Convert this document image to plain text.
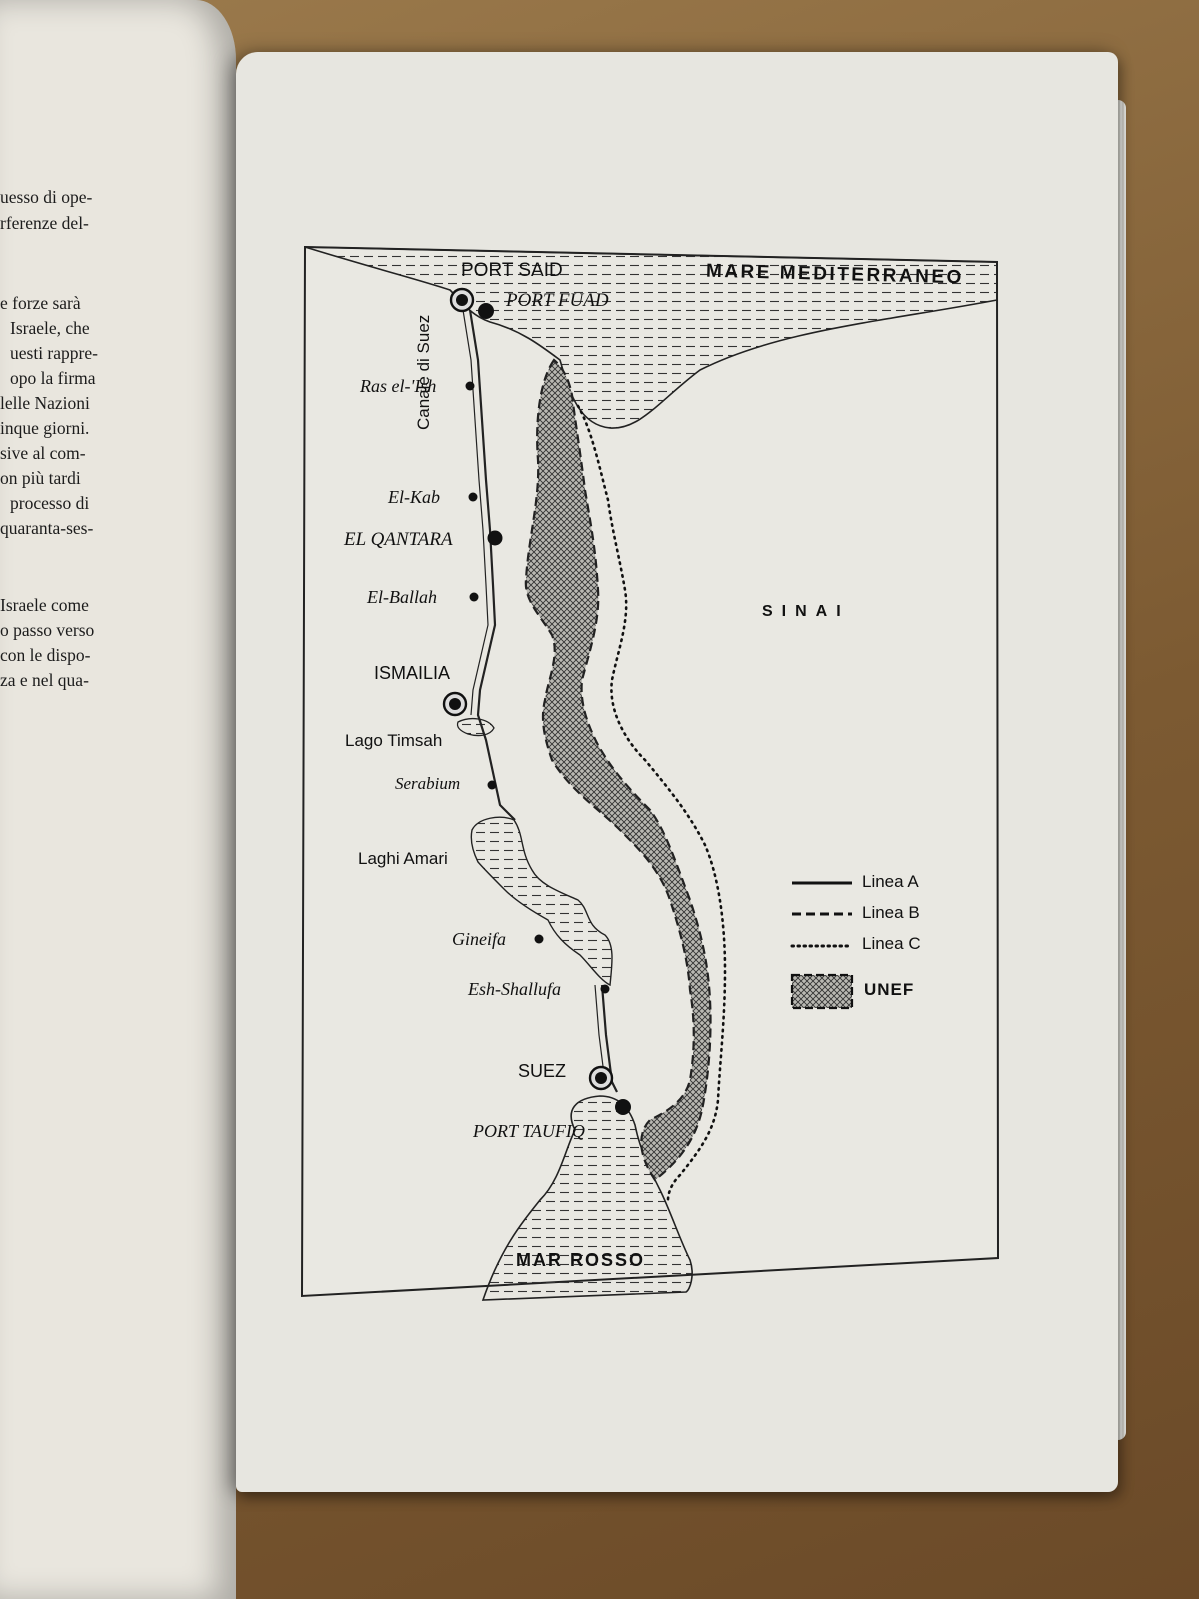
uesso di ope-
rferenze del-
e forze sarà
Israele, che
uesti rappre-
opo la firma
lelle Nazioni
inque giorni.
sive al com-
on più tardi
processo di
quaranta-ses-
Israele come
o passo verso
con le dispo-
za e nel qua-
PORT SAID	MARE MEDITERRANEO
PORT FUAD
Canale di Suez
Ras el-'Ish
El-Kab
EL QANTARA
El-Ballah
SINAI
ISMAILIA
Lago Timsah
Serabium
Laghi Amari
Gineifa
Esh-Shallufa
SUEZ
PORT TAUFIQ
MAR ROSSO
Linea A
Linea B
Linea C
UNEF
